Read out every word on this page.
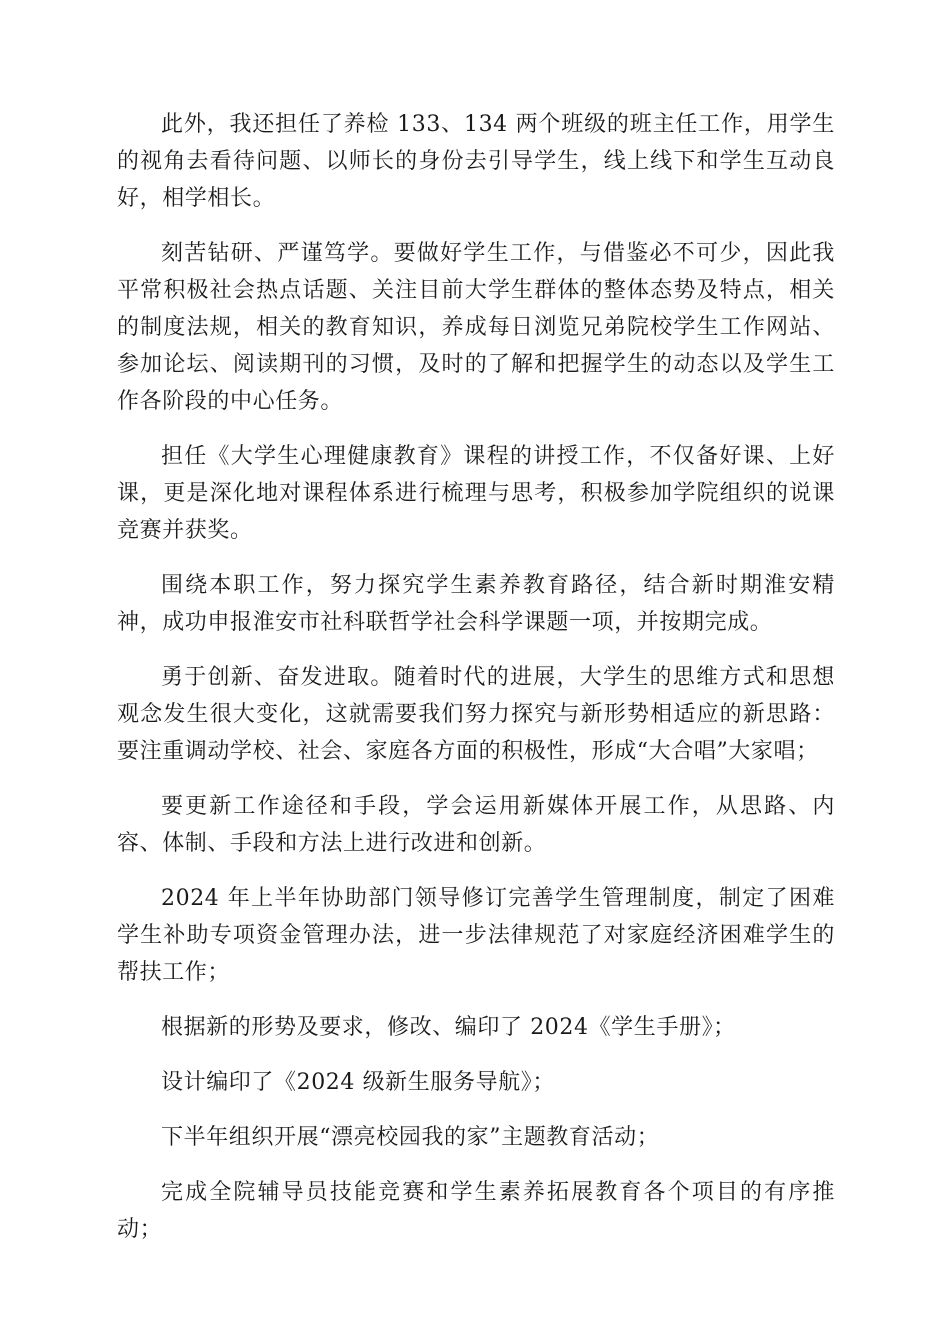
此外，我还担任了养检 133、134 两个班级的班主任工作，用学生的视角去看待问题、以师长的身份去引导学生，线上线下和学生互动良好，相学相长。

刻苦钻研、严谨笃学。要做好学生工作，与借鉴必不可少，因此我平常积极社会热点话题、关注目前大学生群体的整体态势及特点，相关的制度法规，相关的教育知识，养成每日浏览兄弟院校学生工作网站、参加论坛、阅读期刊的习惯，及时的了解和把握学生的动态以及学生工作各阶段的中心任务。

担任《大学生心理健康教育》课程的讲授工作，不仅备好课、上好课，更是深化地对课程体系进行梳理与思考，积极参加学院组织的说课竞赛并获奖。

围绕本职工作，努力探究学生素养教育路径，结合新时期淮安精神，成功申报淮安市社科联哲学社会科学课题一项，并按期完成。

勇于创新、奋发进取。随着时代的进展，大学生的思维方式和思想观念发生很大变化，这就需要我们努力探究与新形势相适应的新思路：要注重调动学校、社会、家庭各方面的积极性，形成“大合唱”大家唱；

要更新工作途径和手段，学会运用新媒体开展工作，从思路、内容、体制、手段和方法上进行改进和创新。

2024 年上半年协助部门领导修订完善学生管理制度，制定了困难学生补助专项资金管理办法，进一步法律规范了对家庭经济困难学生的帮扶工作；

根据新的形势及要求，修改、编印了 2024《学生手册》；

设计编印了《2024 级新生服务导航》；

下半年组织开展“漂亮校园我的家”主题教育活动；

完成全院辅导员技能竞赛和学生素养拓展教育各个项目的有序推动；
